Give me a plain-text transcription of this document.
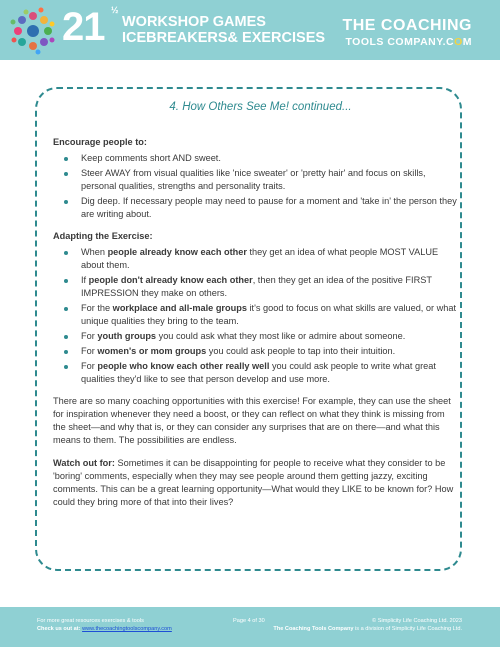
21 ½
WORKSHOP GAMES
ICEBREAKERS& EXERCISES
THE COACHING
TOOLS COMPANY.COM
4. How Others See Me! continued...
Encourage people to:
Keep comments short AND sweet.
Steer AWAY from visual qualities like 'nice sweater' or 'pretty hair' and focus on skills, personal qualities, strengths and personality traits.
Dig deep. If necessary people may need to pause for a moment and 'take in' the person they are writing about.
Adapting the Exercise:
When people already know each other they get an idea of what people MOST VALUE about them.
If people don't already know each other, then they get an idea of the positive FIRST IMPRESSION they make on others.
For the workplace and all-male groups it's good to focus on what skills are valued, or what unique qualities they bring to the team.
For youth groups you could ask what they most like or admire about someone.
For women's or mom groups you could ask people to tap into their intuition.
For people who know each other really well you could ask people to write what great qualities they'd like to see that person develop and use more.

There are so many coaching opportunities with this exercise! For example, they can use the sheet for inspiration whenever they need a boost, or they can reflect on what they think is missing from the sheet—and why that is, or they can consider any surprises that are on there—and what this means to them. The possibilities are endless.

Watch out for: Sometimes it can be disappointing for people to receive what they consider to be 'boring' comments, especially when they may see people around them getting jazzy, exciting comments. This can be a great learning opportunity—What would they LIKE to be known for? How could they bring more of that into their lives?

For more great resources exercises & tools
Check us out at: www.thecoachingtoolscompany.com
Page 4 of 30	© Simplicity Life Coaching Ltd. 2023
The Coaching Tools Company is a division of Simplicity Life Coaching Ltd.
